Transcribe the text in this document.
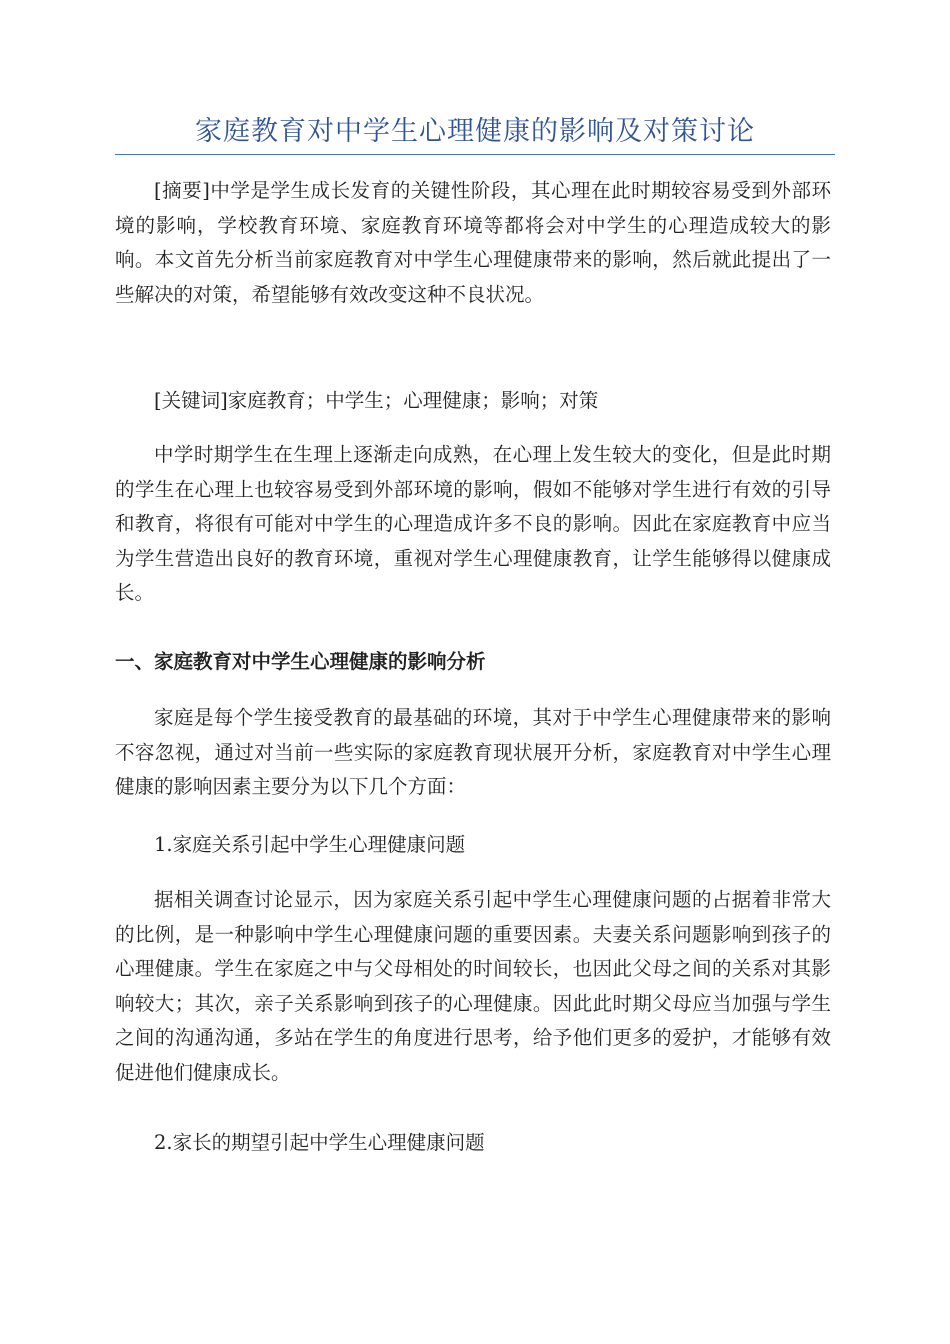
家庭教育对中学生心理健康的影响及对策讨论

[摘要]中学是学生成长发育的关键性阶段，其心理在此时期较容易受到外部环境的影响，学校教育环境、家庭教育环境等都将会对中学生的心理造成较大的影响。本文首先分析当前家庭教育对中学生心理健康带来的影响，然后就此提出了一些解决的对策，希望能够有效改变这种不良状况。

[关键词]家庭教育；中学生；心理健康；影响；对策

中学时期学生在生理上逐渐走向成熟，在心理上发生较大的变化，但是此时期的学生在心理上也较容易受到外部环境的影响，假如不能够对学生进行有效的引导和教育，将很有可能对中学生的心理造成许多不良的影响。因此在家庭教育中应当为学生营造出良好的教育环境，重视对学生心理健康教育，让学生能够得以健康成长。

一、家庭教育对中学生心理健康的影响分析

家庭是每个学生接受教育的最基础的环境，其对于中学生心理健康带来的影响不容忽视，通过对当前一些实际的家庭教育现状展开分析，家庭教育对中学生心理健康的影响因素主要分为以下几个方面：

1.家庭关系引起中学生心理健康问题

据相关调查讨论显示，因为家庭关系引起中学生心理健康问题的占据着非常大的比例，是一种影响中学生心理健康问题的重要因素。夫妻关系问题影响到孩子的心理健康。学生在家庭之中与父母相处的时间较长，也因此父母之间的关系对其影响较大；其次，亲子关系影响到孩子的心理健康。因此此时期父母应当加强与学生之间的沟通沟通，多站在学生的角度进行思考，给予他们更多的爱护，才能够有效促进他们健康成长。

2.家长的期望引起中学生心理健康问题
